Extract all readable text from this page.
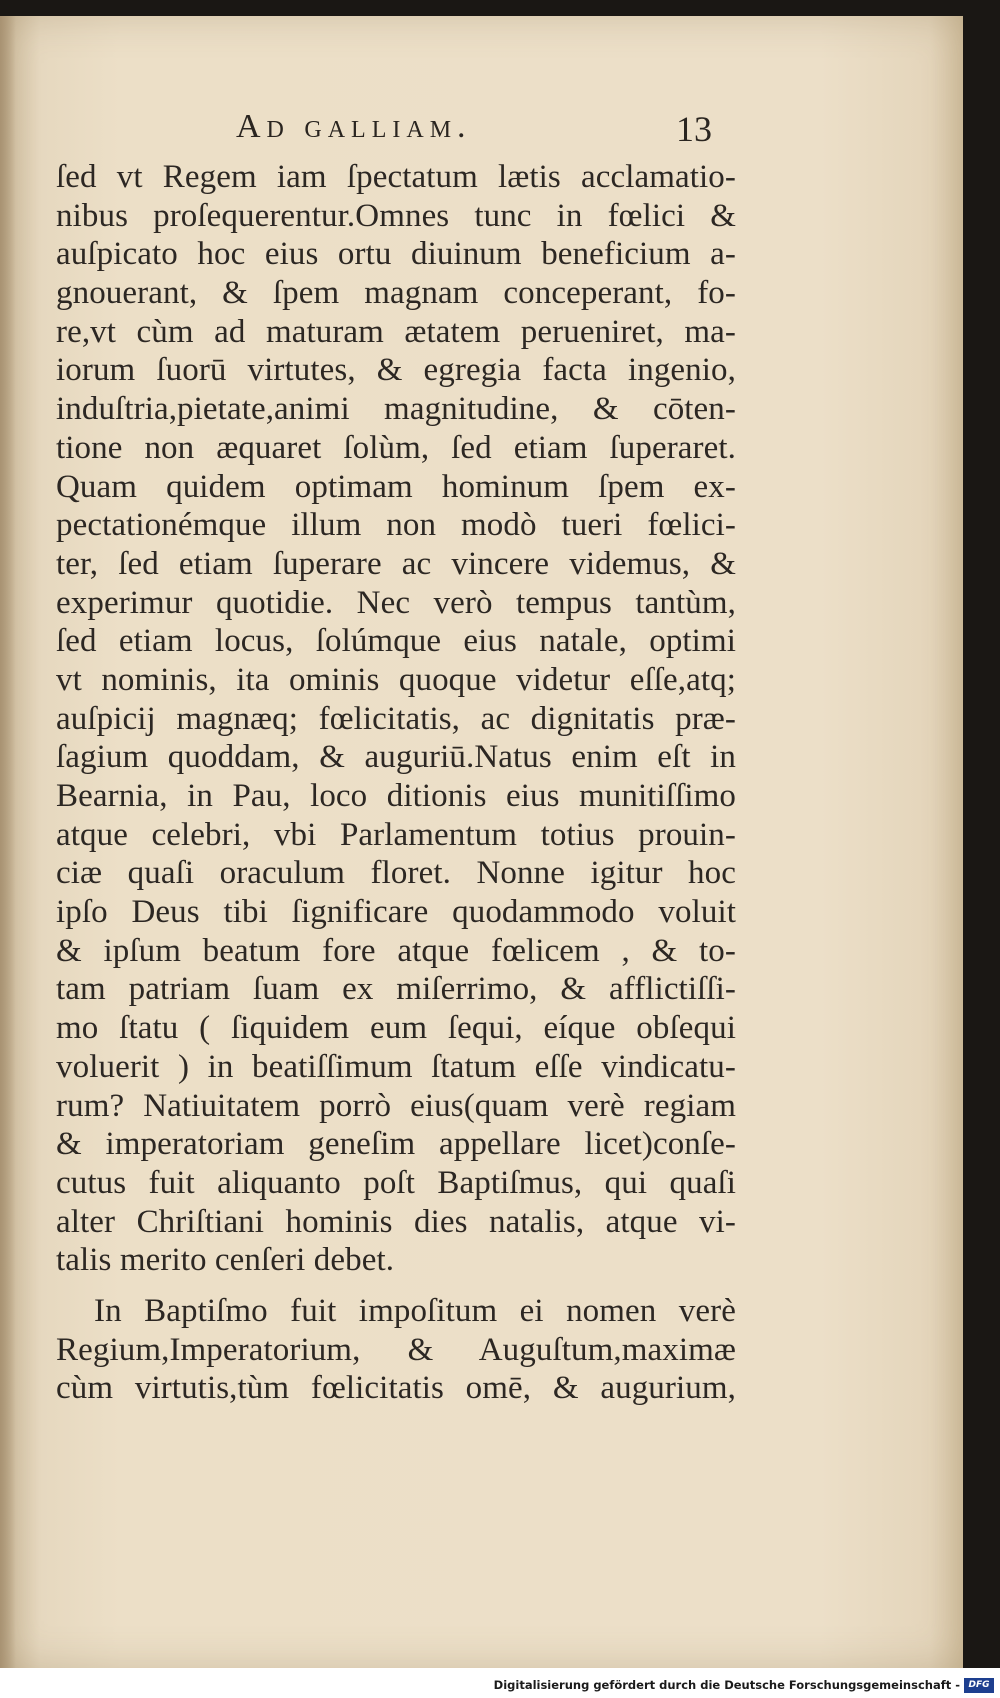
Ad galliam.	13
ſed vt Regem iam ſpectatum lætis acclamatio-
nibus proſequerentur.Omnes tunc in fœlici &
auſpicato hoc eius ortu diuinum beneficium a-
gnouerant, & ſpem magnam conceperant, fo-
re,vt cùm ad maturam ætatem perueniret, ma-
iorum ſuorū virtutes, & egregia facta ingenio,
induſtria,pietate,animi magnitudine, & cōten-
tione non æquaret ſolùm, ſed etiam ſuperaret.
Quam quidem optimam hominum ſpem ex-
pectationémque illum non modò tueri fœlici-
ter, ſed etiam ſuperare ac vincere videmus, &
experimur quotidie. Nec verò tempus tantùm,
ſed etiam locus, ſolúmque eius natale, optimi
vt nominis, ita ominis quoque videtur eſſe,atq;
auſpicij magnæq; fœlicitatis, ac dignitatis præ-
ſagium quoddam, & auguriū.Natus enim eſt in
Bearnia, in Pau, loco ditionis eius munitiſſimo
atque celebri, vbi Parlamentum totius prouin-
ciæ quaſi oraculum floret. Nonne igitur hoc
ipſo Deus tibi ſignificare quodammodo voluit
& ipſum beatum fore atque fœlicem , & to-
tam patriam ſuam ex miſerrimo, & afflictiſſi-
mo ſtatu ( ſiquidem eum ſequi, eíque obſequi
voluerit ) in beatiſſimum ſtatum eſſe vindicatu-
rum? Natiuitatem porrò eius(quam verè regiam
& imperatoriam geneſim appellare licet)conſe-
cutus fuit aliquanto poſt Baptiſmus, qui quaſi
alter Chriſtiani hominis dies natalis, atque vi-
talis merito cenſeri debet.
In Baptiſmo fuit impoſitum ei nomen verè
Regium,Imperatorium, & Auguſtum,maximæ
cùm virtutis,tùm fœlicitatis omē, & augurium,
Digitalisierung gefördert durch die Deutsche Forschungsgemeinschaft - DFG
